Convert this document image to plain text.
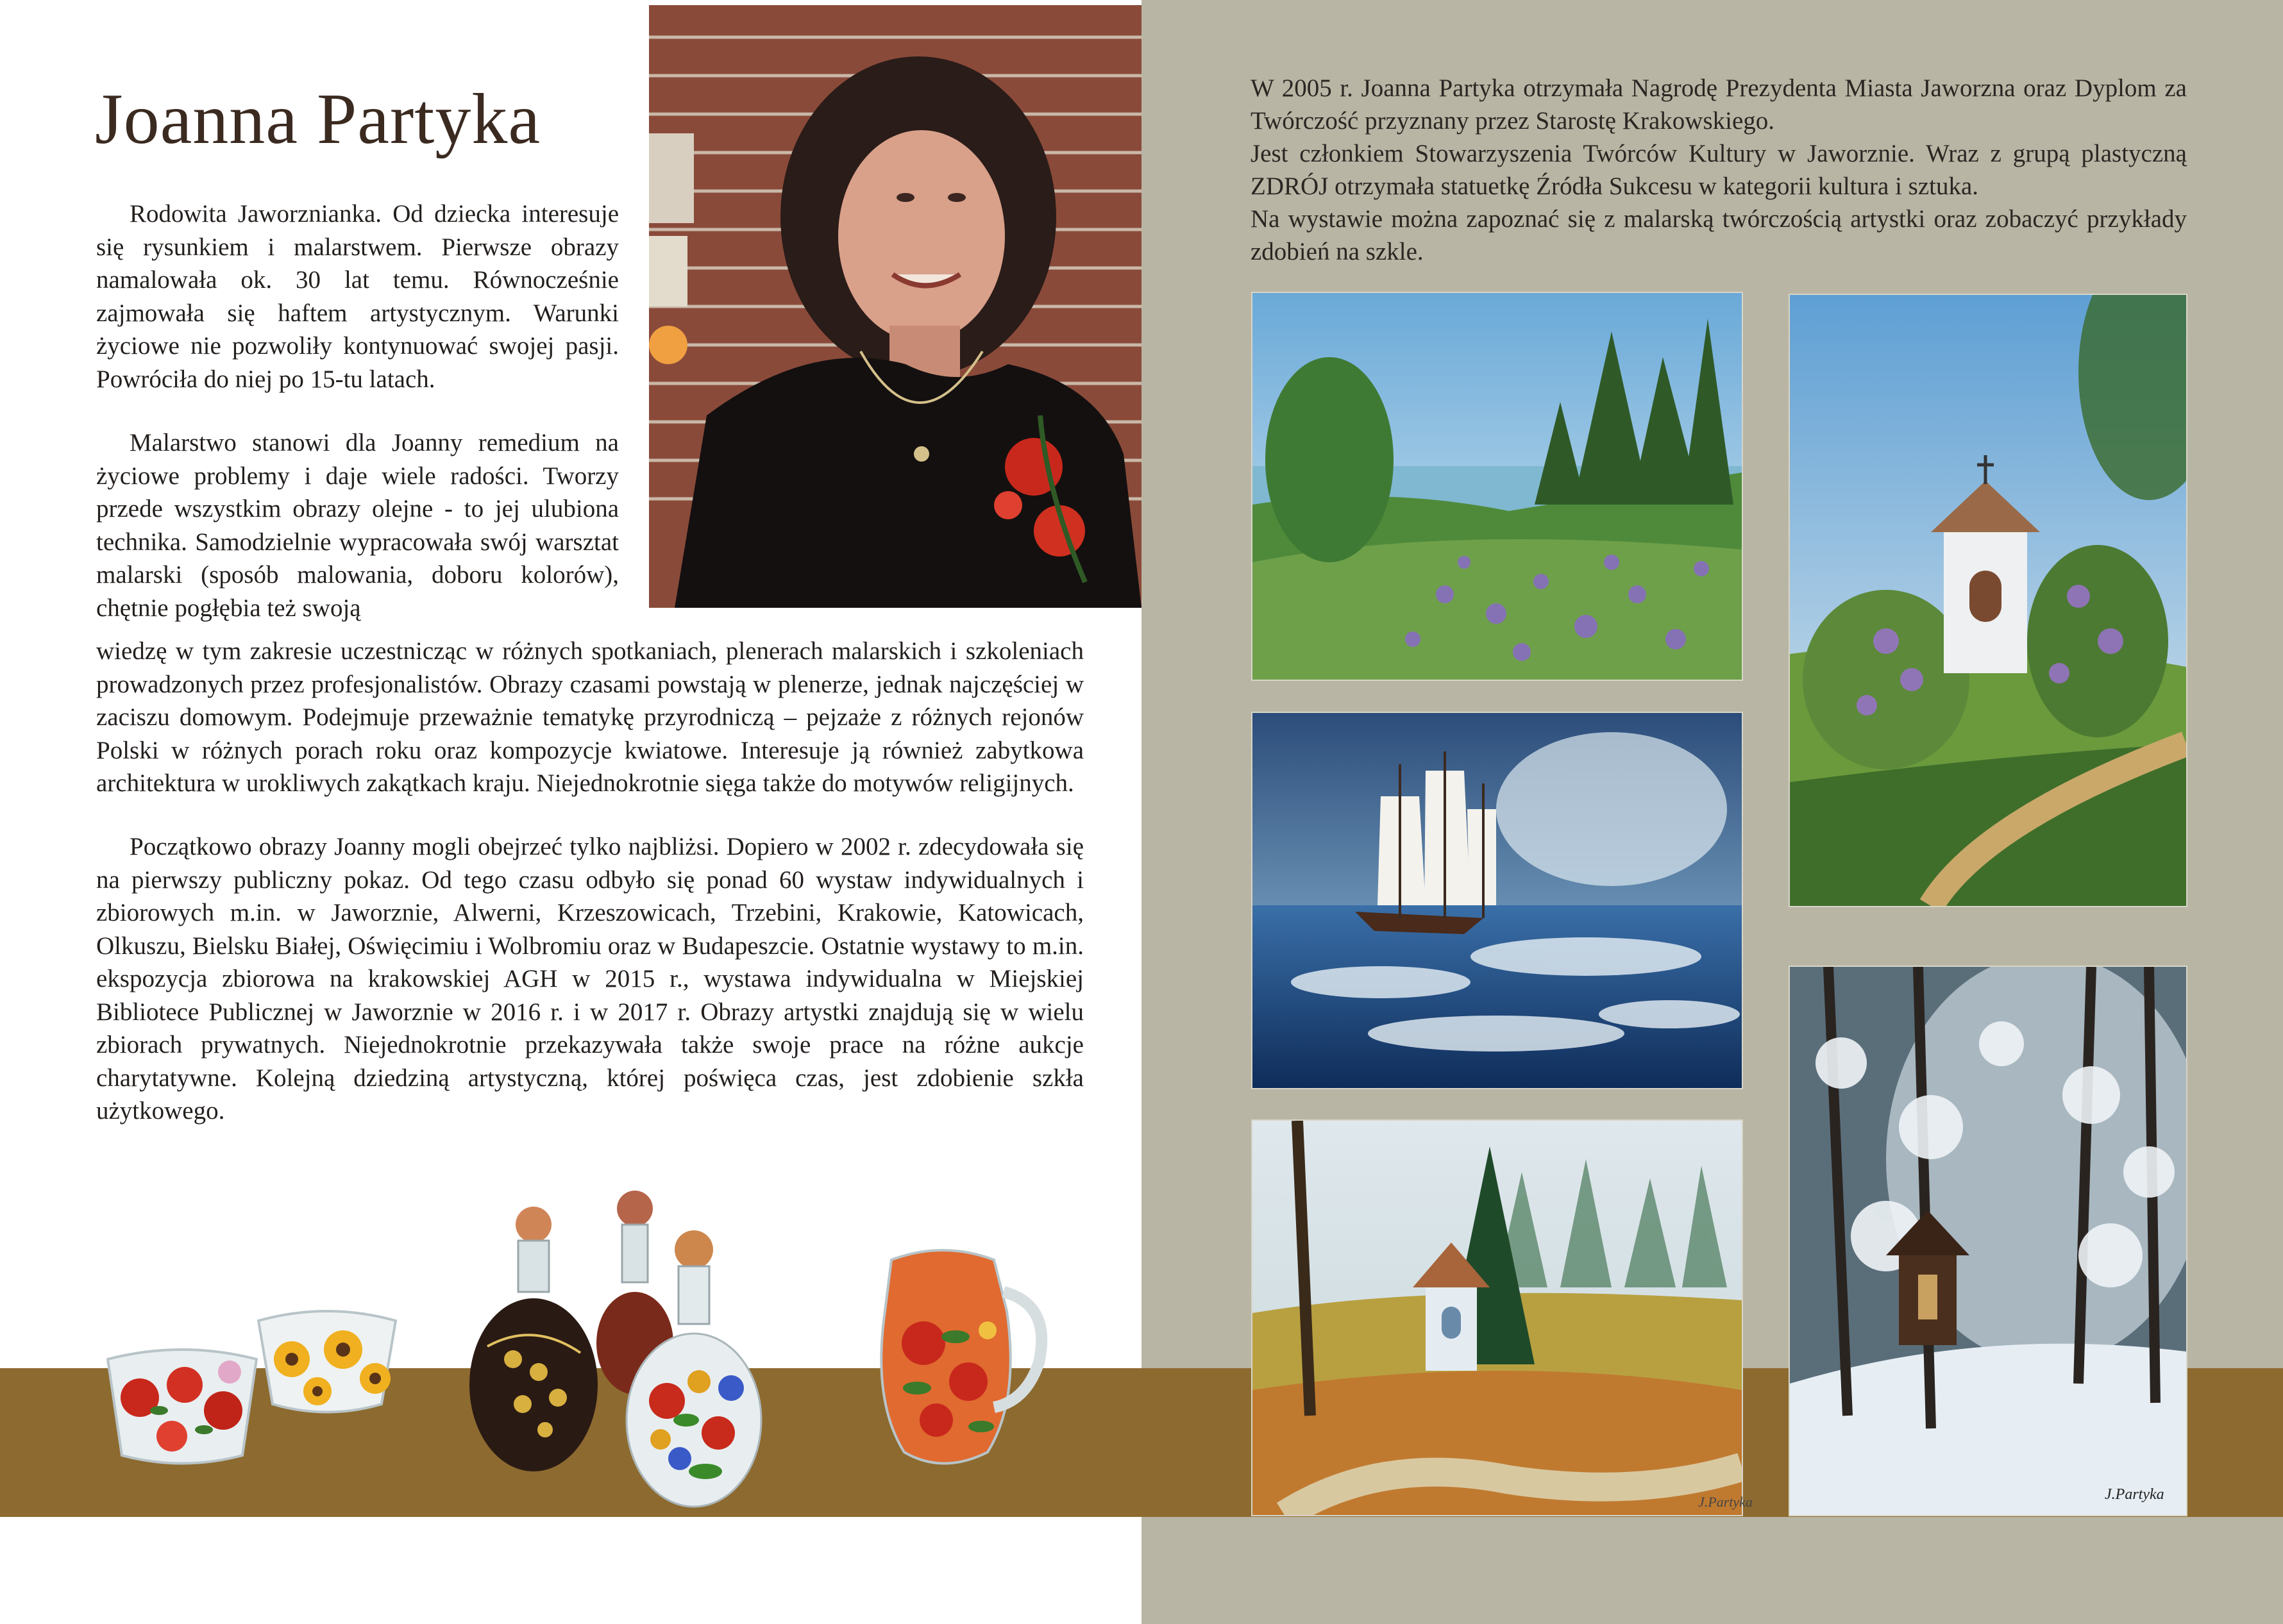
Joanna Partyka

Rodowita Jaworznianka. Od dziecka interesuje się rysunkiem i malarstwem. Pierwsze obrazy namalowała ok. 30 lat temu. Równocześnie zajmowała się haftem artystycznym. Warunki życiowe nie pozwoliły kontynuować swojej pasji. Powróciła do niej po 15-tu latach.

Malarstwo stanowi dla Joanny remedium na życiowe problemy i daje wiele radości. Tworzy przede wszystkim obrazy olejne - to jej ulubiona technika. Samodzielnie wypracowała swój warsztat malarski (sposób malowania, doboru kolorów), chętnie pogłębia też swoją

wiedzę w tym zakresie uczestnicząc w różnych spotkaniach, plenerach malarskich i szkoleniach prowadzonych przez profesjonalistów. Obrazy czasami powstają w plenerze, jednak najczęściej w zaciszu domowym. Podejmuje przeważnie tematykę przyrodniczą – pejzaże z różnych rejonów Polski w różnych porach roku oraz kompozycje kwiatowe. Interesuje ją również zabytkowa architektura w urokliwych zakątkach kraju. Niejednokrotnie sięga także do motywów religijnych.

Początkowo obrazy Joanny mogli obejrzeć tylko najbliżsi. Dopiero w 2002 r. zdecydowała się na pierwszy publiczny pokaz. Od tego czasu odbyło się ponad 60 wystaw indywidualnych i zbiorowych m.in. w Jaworznie, Alwerni, Krzeszowicach, Trzebini, Krakowie, Katowicach, Olkuszu, Bielsku Białej, Oświęcimiu i Wolbromiu oraz w Budapeszcie. Ostatnie wystawy to m.in. ekspozycja zbiorowa na krakowskiej AGH w 2015 r., wystawa indywidualna w Miejskiej Bibliotece Publicznej w Jaworznie w 2016 r. i w 2017 r. Obrazy artystki znajdują się w wielu zbiorach prywatnych. Niejednokrotnie przekazywała także swoje prace na różne aukcje charytatywne. Kolejną dziedziną artystyczną, której poświęca czas, jest zdobienie szkła użytkowego.

W 2005 r. Joanna Partyka otrzymała Nagrodę Prezydenta Miasta Jaworzna oraz Dyplom za Twórczość przyznany przez Starostę Krakowskiego.

Jest członkiem Stowarzyszenia Twórców Kultury w Jaworznie. Wraz z grupą plastyczną ZDRÓJ otrzymała statuetkę Źródła Sukcesu w kategorii kultura i sztuka.

Na wystawie można zapoznać się z malarską twórczością artystki oraz zobaczyć przykłady zdobień na szkle.

J.Partyka
J.Partyka
